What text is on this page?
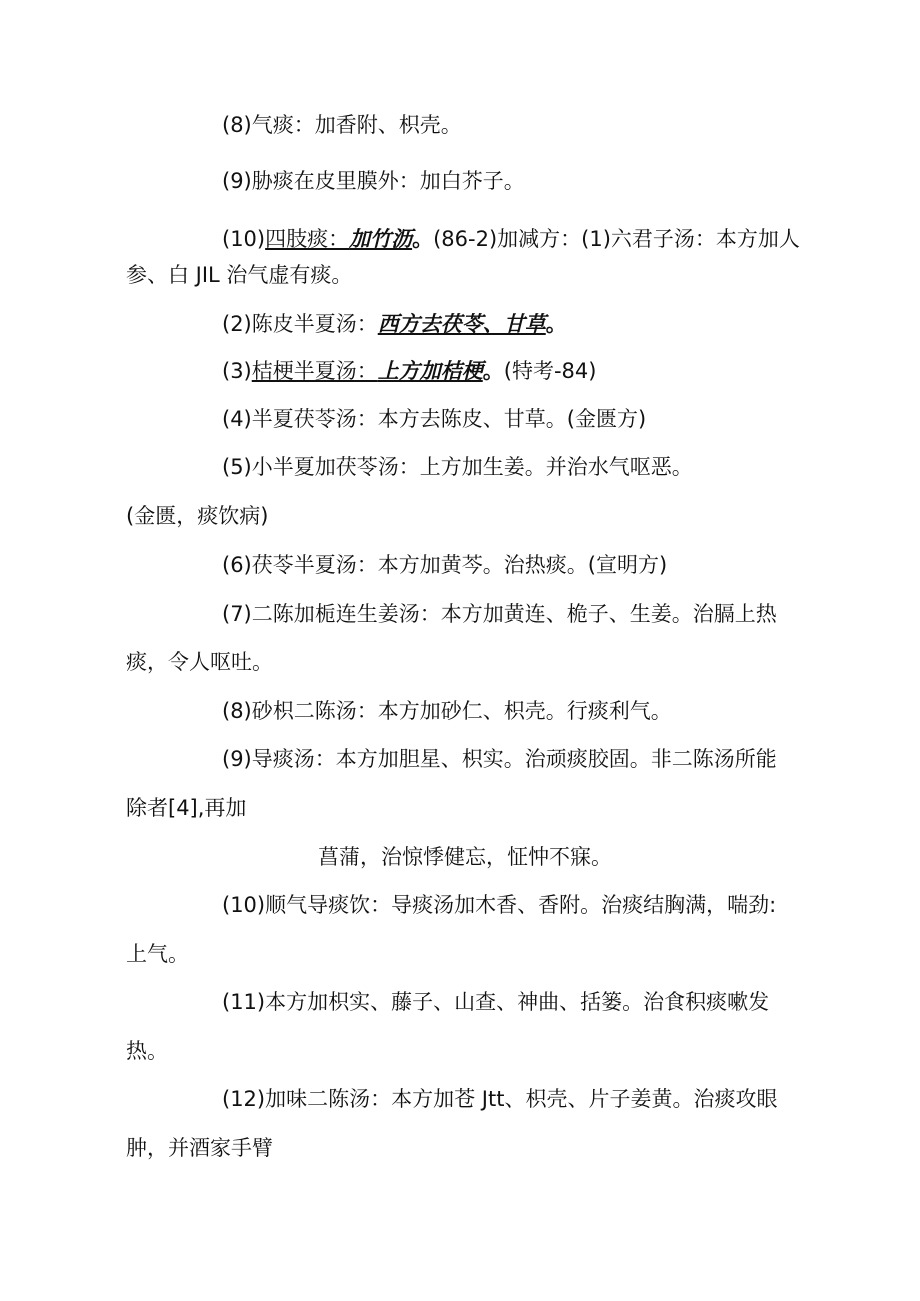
(8)气痰：加香附、枳壳。
(9)胁痰在皮里膜外：加白芥子。
(10)四肢痰：加竹沥。(86-2)加减方：(1)六君子汤：本方加人
参、白 JIL 治气虚有痰。
(2)陈皮半夏汤：西方去茯苓、甘草。
(3)桔梗半夏汤：上方加桔梗。(特考-84)
(4)半夏茯苓汤：本方去陈皮、甘草。(金匮方)
(5)小半夏加茯苓汤：上方加生姜。并治水气呕恶。
(金匮，痰饮病)
(6)茯苓半夏汤：本方加黄芩。治热痰。(宣明方)
(7)二陈加栀连生姜汤：本方加黄连、桅子、生姜。治膈上热
痰，令人呕吐。
(8)砂枳二陈汤：本方加砂仁、枳壳。行痰利气。
(9)导痰汤：本方加胆星、枳实。治顽痰胶固。非二陈汤所能
除者[4],再加
菖蒲，治惊悸健忘，怔忡不寐。
(10)顺气导痰饮：导痰汤加木香、香附。治痰结胸满，喘劲:
上气。
(11)本方加枳实、藤子、山查、神曲、括篓。治食积痰嗽发
热。
(12)加味二陈汤：本方加苍 Jtt、枳壳、片子姜黄。治痰攻眼
肿，并酒家手臂
